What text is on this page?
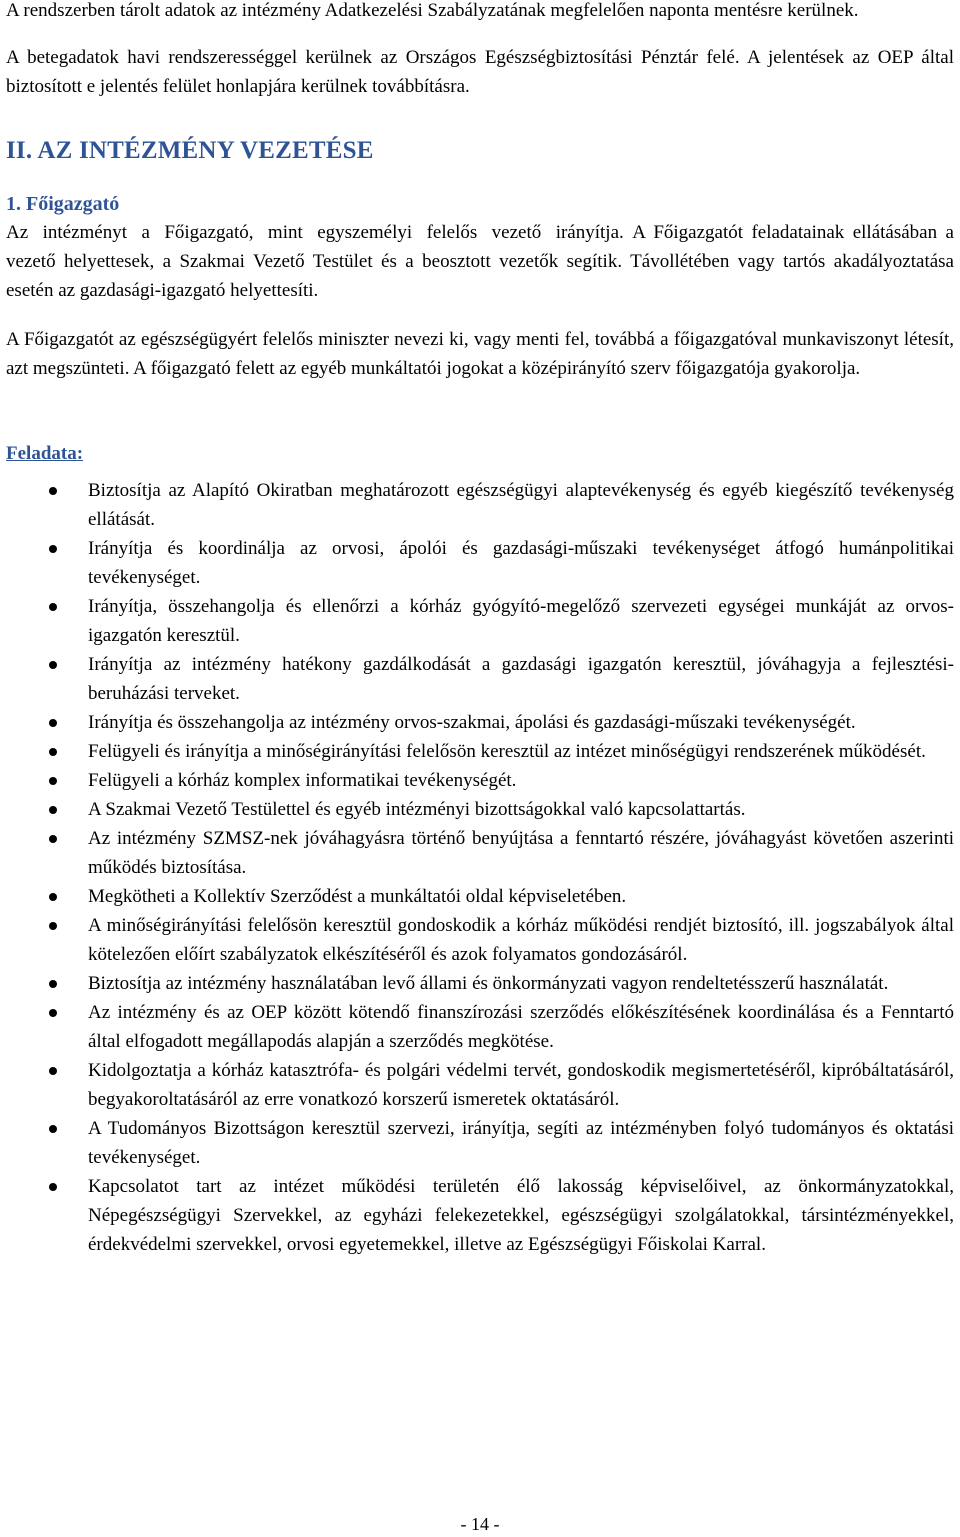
A rendszerben tárolt adatok az intézmény Adatkezelési Szabályzatának megfelelően naponta mentésre kerülnek.

A betegadatok havi rendszerességgel kerülnek az Országos Egészségbiztosítási Pénztár felé. A jelentések az OEP által biztosított e jelentés felület honlapjára kerülnek továbbításra.

II. AZ INTÉZMÉNY VEZETÉSE
1. Főigazgató

Az intézményt a Főigazgató, mint egyszemélyi felelős vezető irányítja.

A Főigazgatót feladatainak ellátásában a vezető helyettesek, a Szakmai Vezető Testület és a beosztott vezetők segítik. Távollétében vagy tartós akadályoztatása esetén az gazdasági-igazgató helyettesíti.

A Főigazgatót az egészségügyért felelős miniszter nevezi ki, vagy menti fel, továbbá a főigazgatóval munkaviszonyt létesít, azt megszünteti. A főigazgató felett az egyéb munkáltatói jogokat a középirányító szerv főigazgatója gyakorolja.

Feladata:
Biztosítja az Alapító Okiratban meghatározott egészségügyi alaptevékenység és egyéb kiegészítő tevékenység ellátását.
Irányítja és koordinálja az orvosi, ápolói és gazdasági-műszaki tevékenységet átfogó humánpolitikai tevékenységet.
Irányítja, összehangolja és ellenőrzi a kórház gyógyító-megelőző szervezeti egységei munkáját az orvos-igazgatón keresztül.
Irányítja az intézmény hatékony gazdálkodását a gazdasági igazgatón keresztül, jóváhagyja a fejlesztési-beruházási terveket.
Irányítja és összehangolja az intézmény orvos-szakmai, ápolási és gazdasági-műszaki tevékenységét.
Felügyeli és irányítja a minőségirányítási felelősön keresztül az intézet minőségügyi rendszerének működését.
Felügyeli a kórház komplex informatikai tevékenységét.
A Szakmai Vezető Testülettel és egyéb intézményi bizottságokkal való kapcsolattartás.
Az intézmény SZMSZ-nek jóváhagyásra történő benyújtása a fenntartó részére, jóváhagyást követően aszerinti működés biztosítása.
Megkötheti a Kollektív Szerződést a munkáltatói oldal képviseletében.
A minőségirányítási felelősön keresztül gondoskodik a kórház működési rendjét biztosító, ill. jogszabályok által kötelezően előírt szabályzatok elkészítéséről és azok folyamatos gondozásáról.
Biztosítja az intézmény használatában levő állami és önkormányzati vagyon rendeltetésszerű használatát.
Az intézmény és az OEP között kötendő finanszírozási szerződés előkészítésének koordinálása és a Fenntartó által elfogadott megállapodás alapján a szerződés megkötése.
Kidolgoztatja a kórház katasztrófa- és polgári védelmi tervét, gondoskodik megismertetéséről, kipróbáltatásáról, begyakoroltatásáról az erre vonatkozó korszerű ismeretek oktatásáról.
A Tudományos Bizottságon keresztül szervezi, irányítja, segíti az intézményben folyó tudományos és oktatási tevékenységet.
Kapcsolatot tart az intézet működési területén élő lakosság képviselőivel, az önkormányzatokkal, Népegészségügyi Szervekkel, az egyházi felekezetekkel, egészségügyi szolgálatokkal, társintézményekkel, érdekvédelmi szervekkel, orvosi egyetemekkel, illetve az Egészségügyi Főiskolai Karral.
- 14 -
